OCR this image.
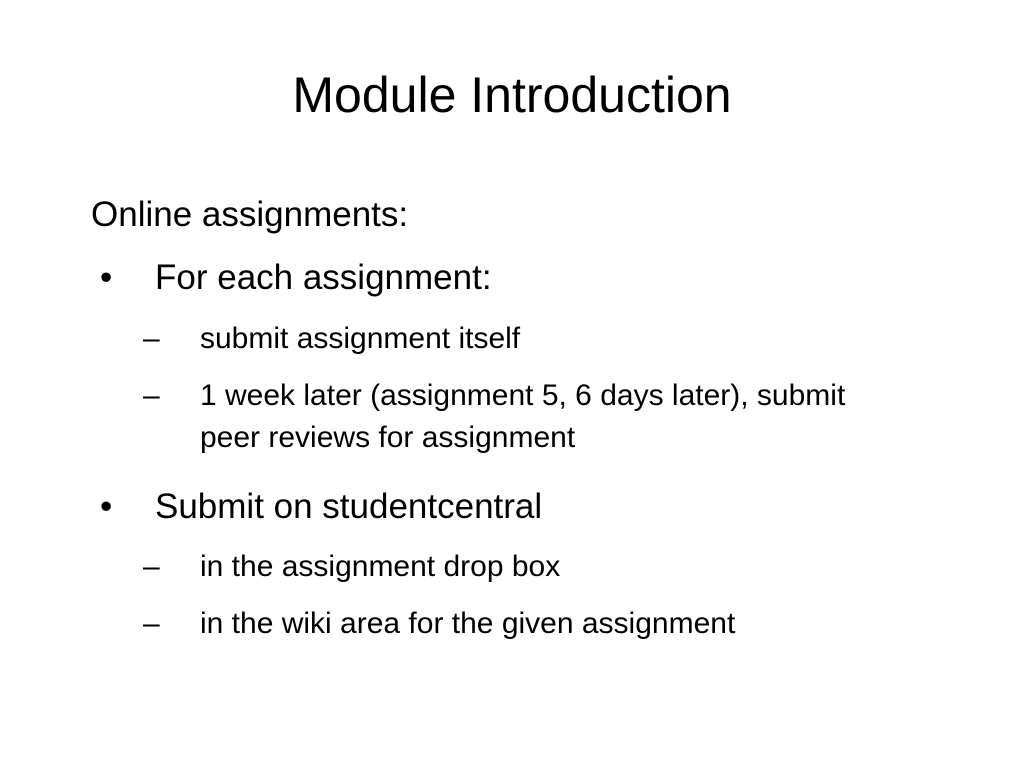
Module Introduction
Online assignments:
•	For each assignment:
–	submit assignment itself
–	1 week later (assignment 5, 6 days later), submit
peer reviews for assignment
•	Submit on studentcentral
–	in the assignment drop box
–	in the wiki area for the given assignment
